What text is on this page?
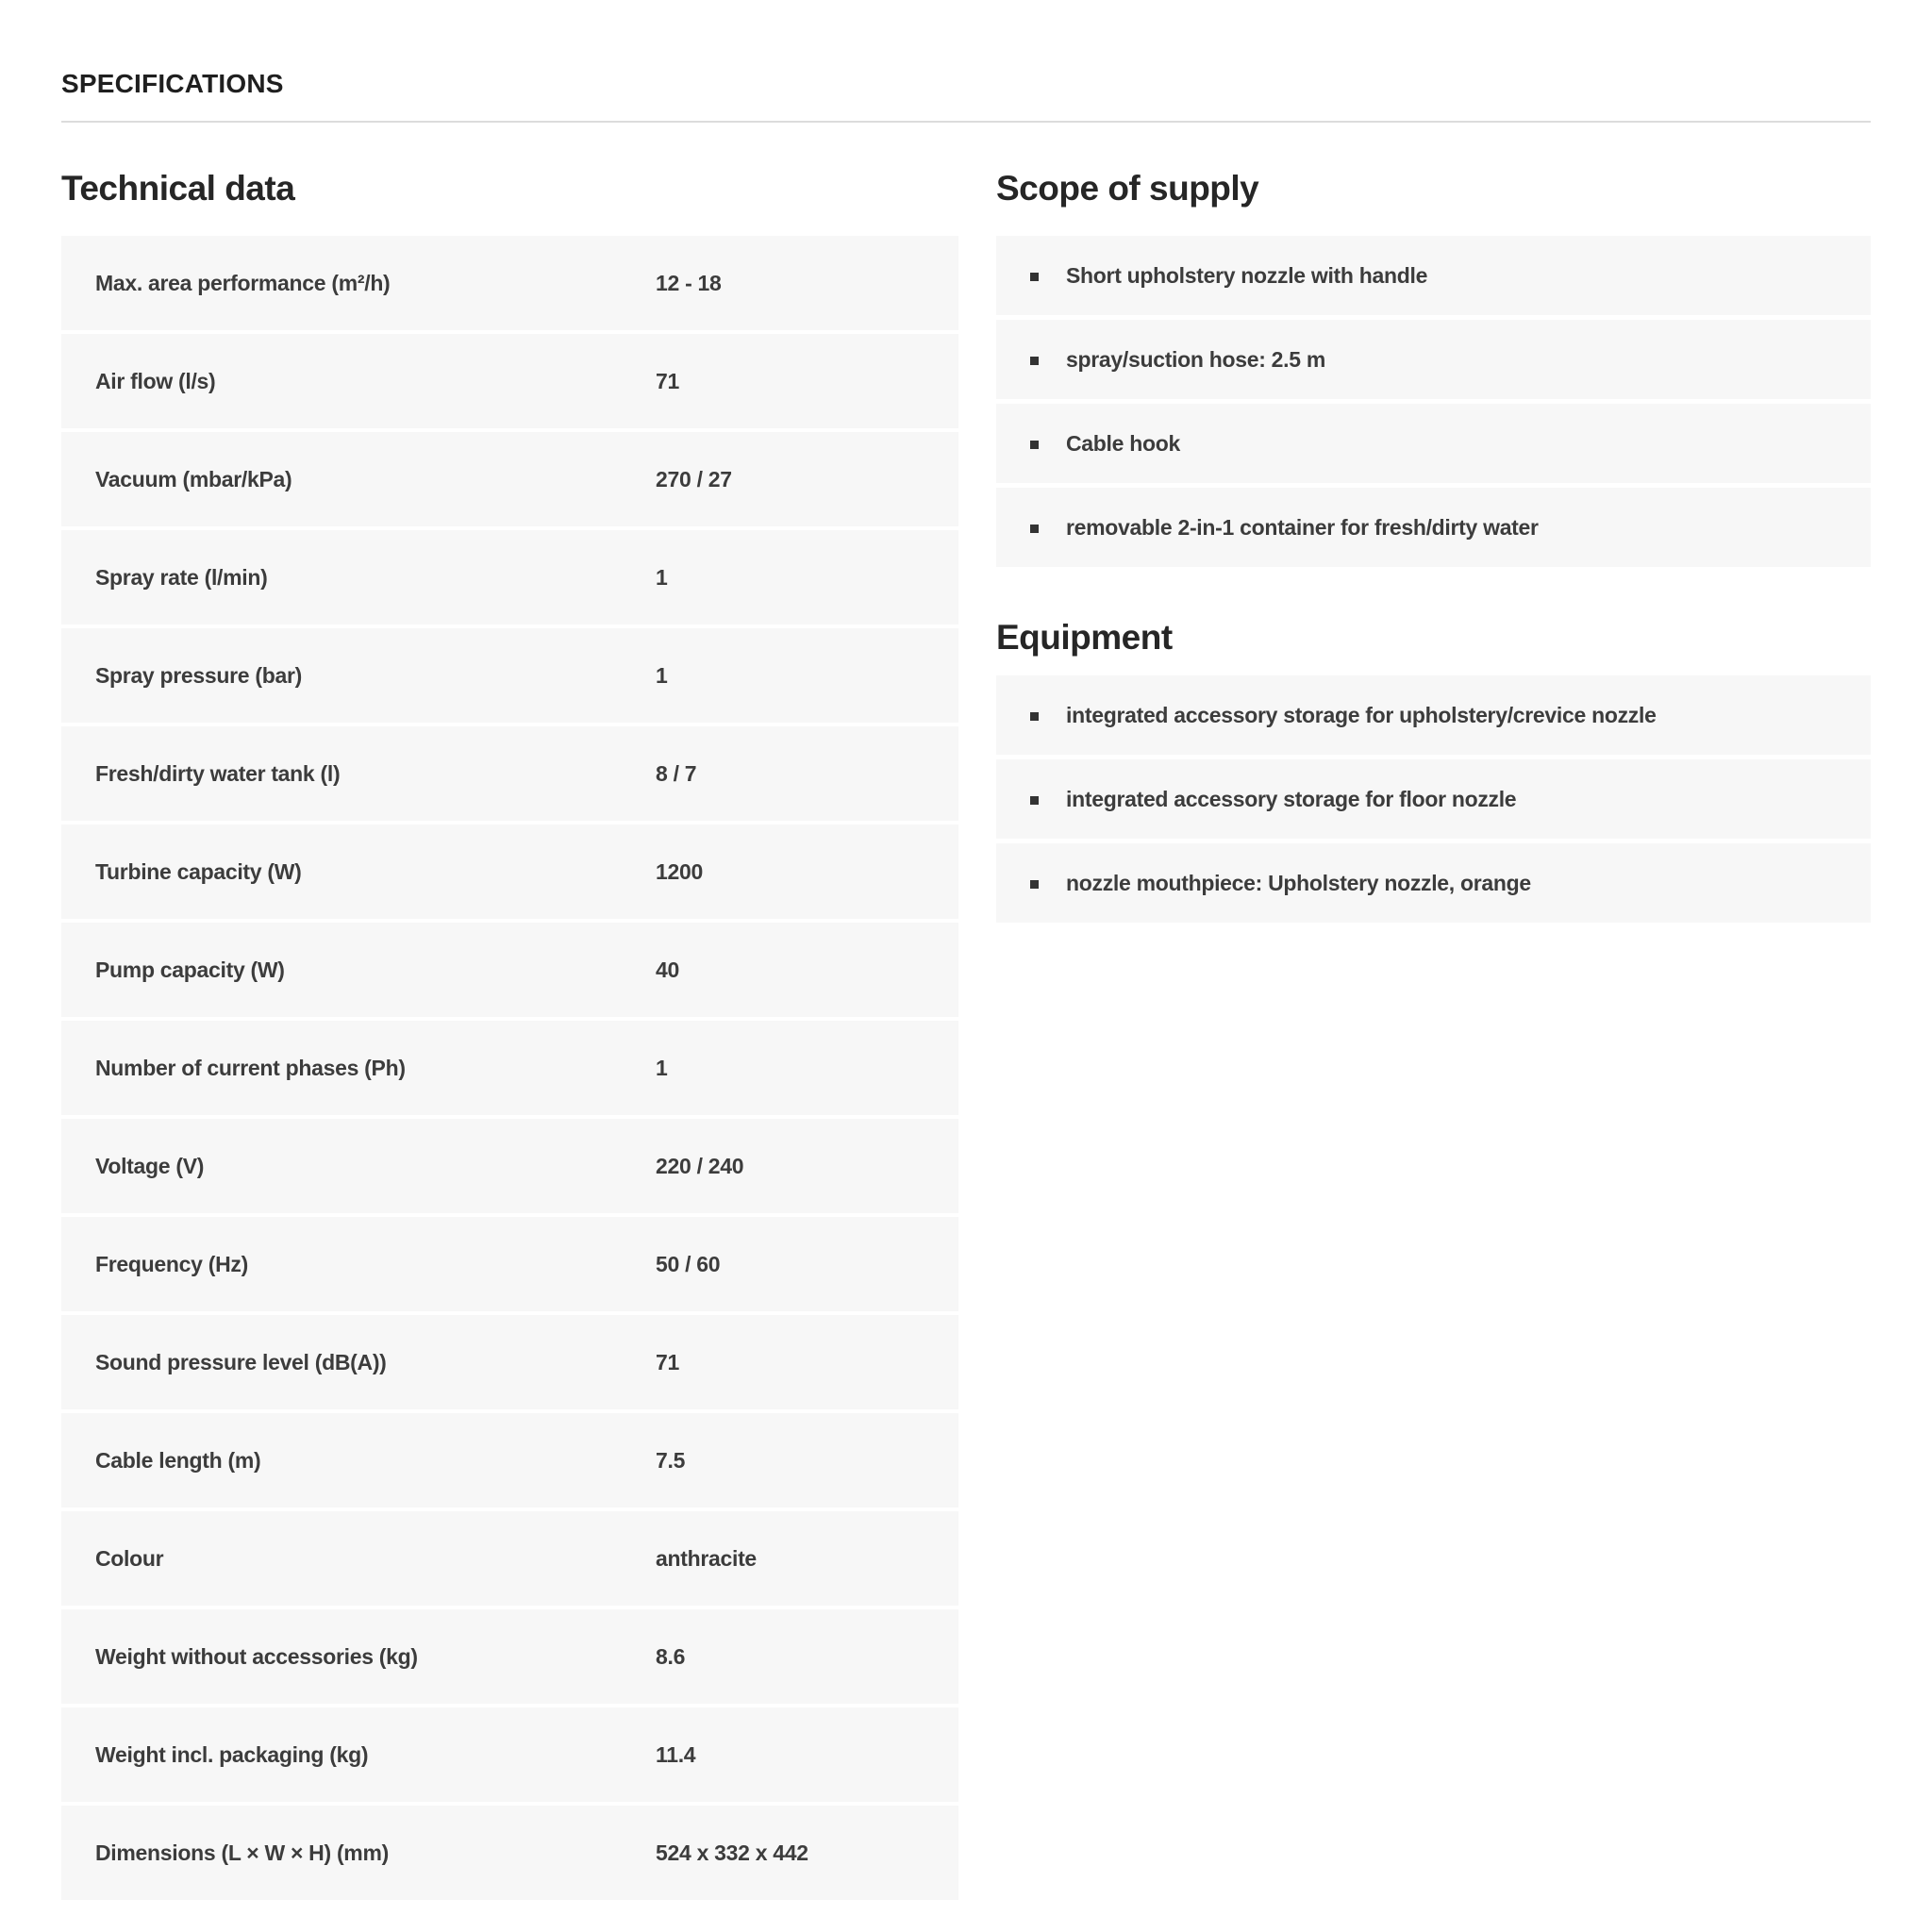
SPECIFICATIONS
Technical data
Max. area performance (m²/h)	12 - 18
Air flow (l/s)	71
Vacuum (mbar/kPa)	270 / 27
Spray rate (l/min)	1
Spray pressure (bar)	1
Fresh/dirty water tank (l)	8 / 7
Turbine capacity (W)	1200
Pump capacity (W)	40
Number of current phases (Ph)	1
Voltage (V)	220 / 240
Frequency (Hz)	50 / 60
Sound pressure level (dB(A))	71
Cable length (m)	7.5
Colour	anthracite
Weight without accessories (kg)	8.6
Weight incl. packaging (kg)	11.4
Dimensions (L × W × H) (mm)	524 x 332 x 442
Scope of supply
Short upholstery nozzle with handle
spray/suction hose: 2.5 m
Cable hook
removable 2-in-1 container for fresh/dirty water
Equipment
integrated accessory storage for upholstery/crevice nozzle
integrated accessory storage for floor nozzle
nozzle mouthpiece: Upholstery nozzle, orange
